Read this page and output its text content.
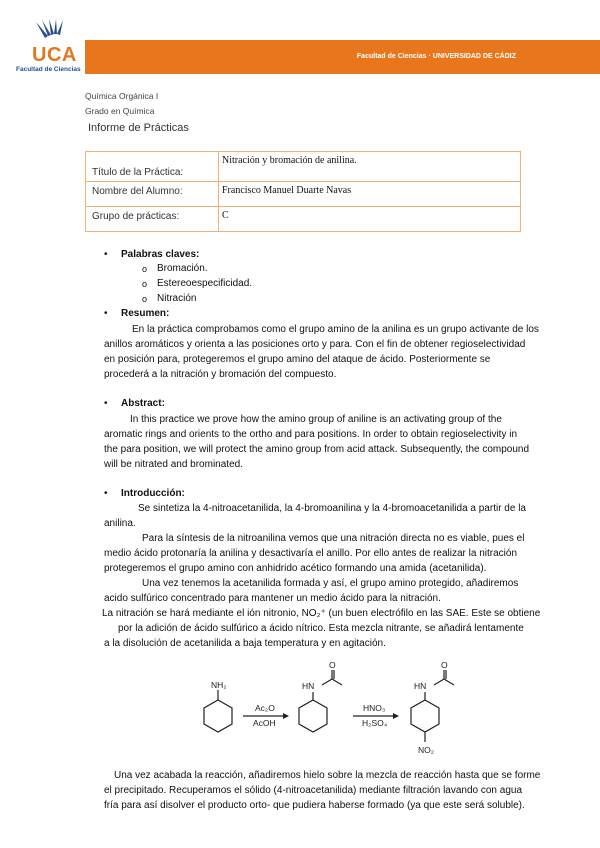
UCA
Facultad de Ciencias
Facultad de Ciencias · UNIVERSIDAD DE CÁDIZ
Química Orgánica I
Grado en Química
Informe de Prácticas
Título de la Práctica:	Nitración y bromación de anilina.
Nombre del Alumno:	Francisco Manuel Duarte Navas
Grupo de prácticas:	C
• Palabras claves:
o Bromación.
o Estereoespecificidad.
o Nitración
• Resumen:
En la práctica comprobamos como el grupo amino de la anilina es un grupo activante de los
anillos aromáticos y orienta a las posiciones orto y para. Con el fin de obtener regioselectividad
en posición para, protegeremos el grupo amino del ataque de ácido. Posteriormente se
procederá a la nitración y bromación del compuesto.
• Abstract:
In this practice we prove how the amino group of aniline is an activating group of the
aromatic rings and orients to the ortho and para positions. In order to obtain regioselectivity in
the para position, we will protect the amino group from acid attack. Subsequently, the compound
will be nitrated and brominated.
• Introducción:
Se sintetiza la 4-nitroacetanilida, la 4-bromoanilina y la 4-bromoacetanilida a partir de la
anilina.
Para la síntesis de la nitroanilina vemos que una nitración directa no es viable, pues el
medio ácido protonaría la anilina y desactivaría el anillo. Por ello antes de realizar la nitración
protegeremos el grupo amino con anhidrido acético formando una amida (acetanilida).
Una vez tenemos la acetanilida formada y así, el grupo amino protegido, añadiremos
acido sulfúrico concentrado para mantener un medio ácido para la nitración.
La nitración se hará mediante el ión nitronio, NO₂⁺ (un buen electrófilo en las SAE. Este se obtiene
por la adición de ácido sulfúrico a ácido nítrico. Esta mezcla nitrante, se añadirá lentamente
a la disolución de acetanilida a baja temperatura y en agitación.
NH₂
Ac₂O
AcOH
HN
O
HNO₃
H₂SO₄
HN
O
NO₂
Una vez acabada la reacción, añadiremos hielo sobre la mezcla de reacción hasta que se forme
el precipitado. Recuperamos el sólido (4-nitroacetanilida) mediante filtración lavando con agua
fría para así disolver el producto orto- que pudiera haberse formado (ya que este será soluble).
